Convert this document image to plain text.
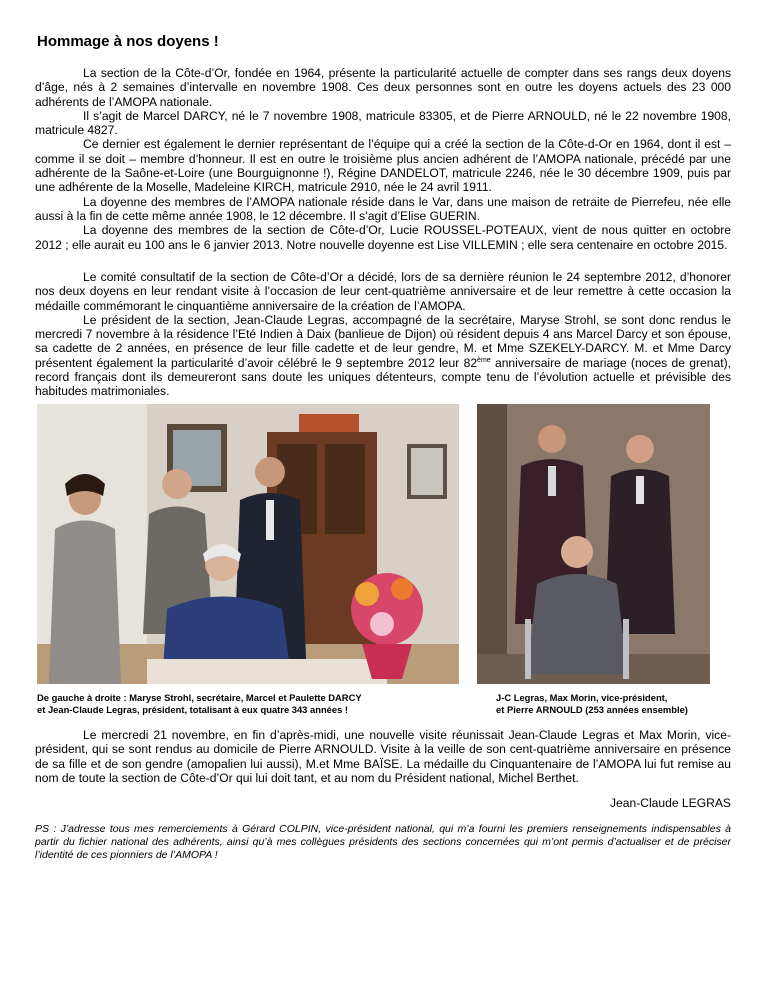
Hommage à nos doyens !

La section de la Côte-d’Or, fondée en 1964, présente la particularité actuelle de compter dans ses rangs deux doyens d’âge, nés à 2 semaines d’intervalle en novembre 1908. Ces deux personnes sont en outre les doyens actuels des 23 000 adhérents de l’AMOPA nationale.

Il s’agit de Marcel DARCY, né le 7 novembre 1908, matricule 83305, et de Pierre ARNOULD, né le 22 novembre 1908, matricule 4827.

Ce dernier est également le dernier représentant de l’équipe qui a créé la section de la Côte-d-Or en 1964, dont il est – comme il se doit – membre d’honneur. Il est en outre le troisième plus ancien adhérent de l’AMOPA nationale, précédé par une adhérente de la Saône-et-Loire (une Bourguignonne !), Régine DANDELOT, matricule 2246, née le 30 décembre 1909, puis par une adhérente de la Moselle, Madeleine KIRCH, matricule 2910, née le 24 avril 1911.

La doyenne des membres de l’AMOPA nationale réside dans le Var, dans une maison de retraite de Pierrefeu, née elle aussi à la fin de cette même année 1908, le 12 décembre. Il s’agit d’Elise GUERIN.

La doyenne des membres de la section de Côte-d’Or, Lucie ROUSSEL-POTEAUX, vient de nous quitter en octobre 2012 ; elle aurait eu 100 ans le 6 janvier 2013. Notre nouvelle doyenne est Lise VILLEMIN ; elle sera centenaire en octobre 2015.

Le comité consultatif de la section de Côte-d’Or a décidé, lors de sa dernière réunion le 24 septembre 2012, d’honorer nos deux doyens en leur rendant visite à l’occasion de leur cent-quatrième anniversaire et de leur remettre à cette occasion la médaille commémorant le cinquantième anniversaire de la création de l’AMOPA.

Le président de la section, Jean-Claude Legras, accompagné de la secrétaire, Maryse Strohl, se sont donc rendus le mercredi 7 novembre à la résidence l’Eté Indien à Daix (banlieue de Dijon) où résident depuis 4 ans Marcel Darcy et son épouse, sa cadette de 2 années, en présence de leur fille cadette et de leur gendre, M. et Mme SZEKELY-DARCY. M. et Mme Darcy présentent également la particularité d’avoir célébré le 9 septembre 2012 leur 82ème anniversaire de mariage (noces de grenat), record français dont ils demeureront sans doute les uniques détenteurs, compte tenu de l’évolution actuelle et prévisible des habitudes matrimoniales.

De gauche à droite : Maryse Strohl, secrétaire, Marcel et Paulette DARCY
et Jean-Claude Legras, président, totalisant à eux quatre 343 années !

J-C Legras, Max Morin, vice-président,
et Pierre ARNOULD (253 années ensemble)

Le mercredi 21 novembre, en fin d’après-midi, une nouvelle visite réunissait Jean-Claude Legras et Max Morin, vice-président, qui se sont rendus au domicile de Pierre ARNOULD. Visite à la veille de son cent-quatrième anniversaire en présence de sa fille et de son gendre (amopalien lui aussi), M.et Mme BAÏSE. La médaille du Cinquantenaire de l’AMOPA lui fut remise au nom de toute la section de Côte-d’Or qui lui doit tant, et au nom du Président national, Michel Berthet.

Jean-Claude LEGRAS

PS : J’adresse tous mes remerciements à Gérard COLPIN, vice-président national, qui m’a fourni les premiers renseignements indispensables à partir du fichier national des adhérents, ainsi qu’à mes collègues présidents des sections concernées qui m’ont permis d’actualiser et de préciser l’identité de ces pionniers de l’AMOPA !
